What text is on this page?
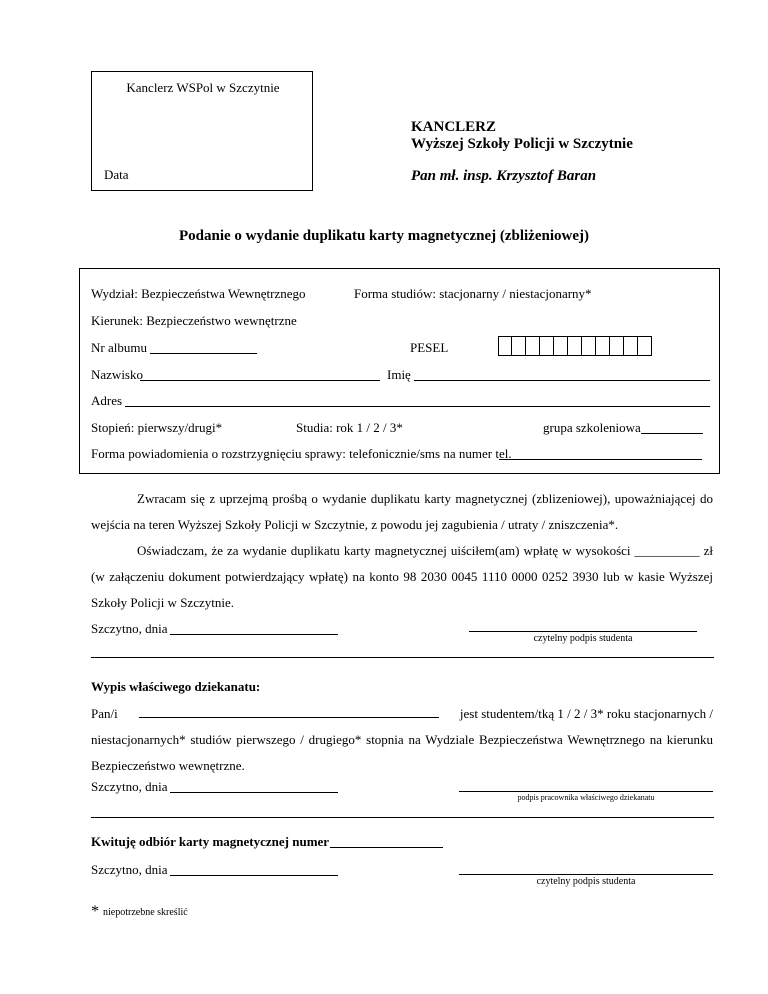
Kanclerz WSPol w Szczytnie
Data
KANCLERZ
Wyższej Szkoły Policji w Szczytnie
Pan mł. insp. Krzysztof Baran
Podanie o wydanie duplikatu karty magnetycznej (zbliżeniowej)
Wydział: Bezpieczeństwa Wewnętrznego	Forma studiów: stacjonarny / niestacjonarny*
Kierunek: Bezpieczeństwo wewnętrzne
Nr albumu	PESEL
Nazwisko	Imię
Adres
Stopień: pierwszy/drugi*	Studia: rok 1 / 2 / 3*	grupa szkoleniowa
Forma powiadomienia o rozstrzygnięciu sprawy: telefonicznie/sms na numer tel.

Zwracam się z uprzejmą prośbą o wydanie duplikatu karty magnetycznej (zblizeniowej), upoważniającej do wejścia na teren Wyższej Szkoły Policji w Szczytnie, z powodu jej zagubienia / utraty / zniszczenia*.

Oświadczam, że za wydanie duplikatu karty magnetycznej uiściłem(am) wpłatę w wysokości __________ zł (w załączeniu dokument potwierdzający wpłatę) na konto 98 2030 0045 1110 0000 0252 3930 lub w kasie Wyższej Szkoły Policji w Szczytnie.

Szczytno, dnia
czytelny podpis studenta
Wypis właściwego dziekanatu:
Pan/i	jest studentem/tką 1 / 2 / 3* roku stacjonarnych /
niestacjonarnych* studiów pierwszego / drugiego* stopnia na Wydziale Bezpieczeństwa Wewnętrznego na kierunku Bezpieczeństwo wewnętrzne.
Szczytno, dnia
podpis pracownika właściwego dziekanatu
Kwituję odbiór karty magnetycznej numer
Szczytno, dnia
czytelny podpis studenta
* niepotrzebne skreślić
